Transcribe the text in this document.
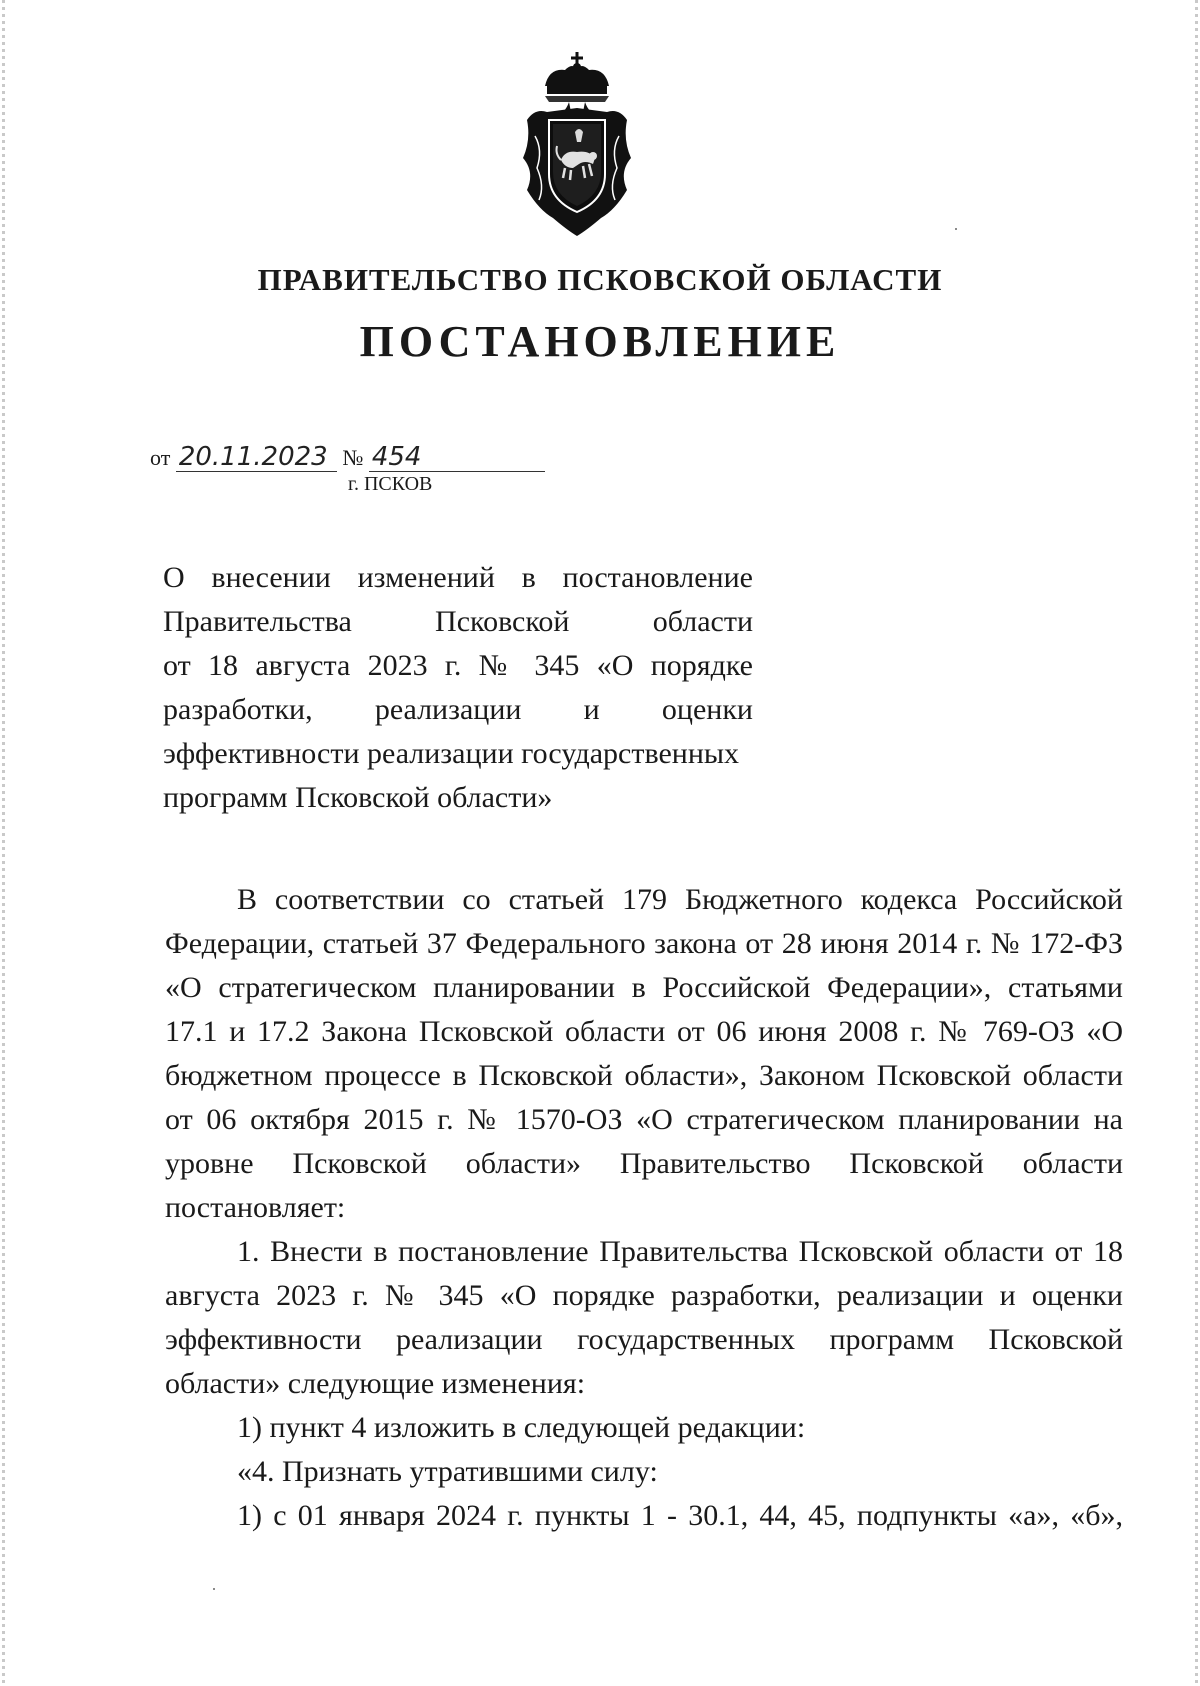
ПРАВИТЕЛЬСТВО ПСКОВСКОЙ ОБЛАСТИ
ПОСТАНОВЛЕНИЕ
от 20.11.2023 № 454
г. ПСКОВ

О внесении изменений в постановление

Правительства Псковской области

от 18 августа 2023 г. № 345 «О порядке

разработки, реализации и оценки

эффективности реализации государственных

программ Псковской области»

В соответствии со статьей 179 Бюджетного кодекса Российской Федерации, статьей 37 Федерального закона от 28 июня 2014 г. № 172-ФЗ «О стратегическом планировании в Российской Федерации», статьями 17.1 и 17.2 Закона Псковской области от 06 июня 2008 г. № 769-ОЗ «О бюджетном процессе в Псковской области», Законом Псковской области от 06 октября 2015 г. № 1570-ОЗ «О стратегическом планировании на уровне Псковской области» Правительство Псковской области постановляет:

1. Внести в постановление Правительства Псковской области от 18 августа 2023 г. № 345 «О порядке разработки, реализации и оценки эффективности реализации государственных программ Псковской области» следующие изменения:

1) пункт 4 изложить в следующей редакции:

«4. Признать утратившими силу:

1) с 01 января 2024 г. пункты 1 - 30.1, 44, 45, подпункты «а», «б»,
